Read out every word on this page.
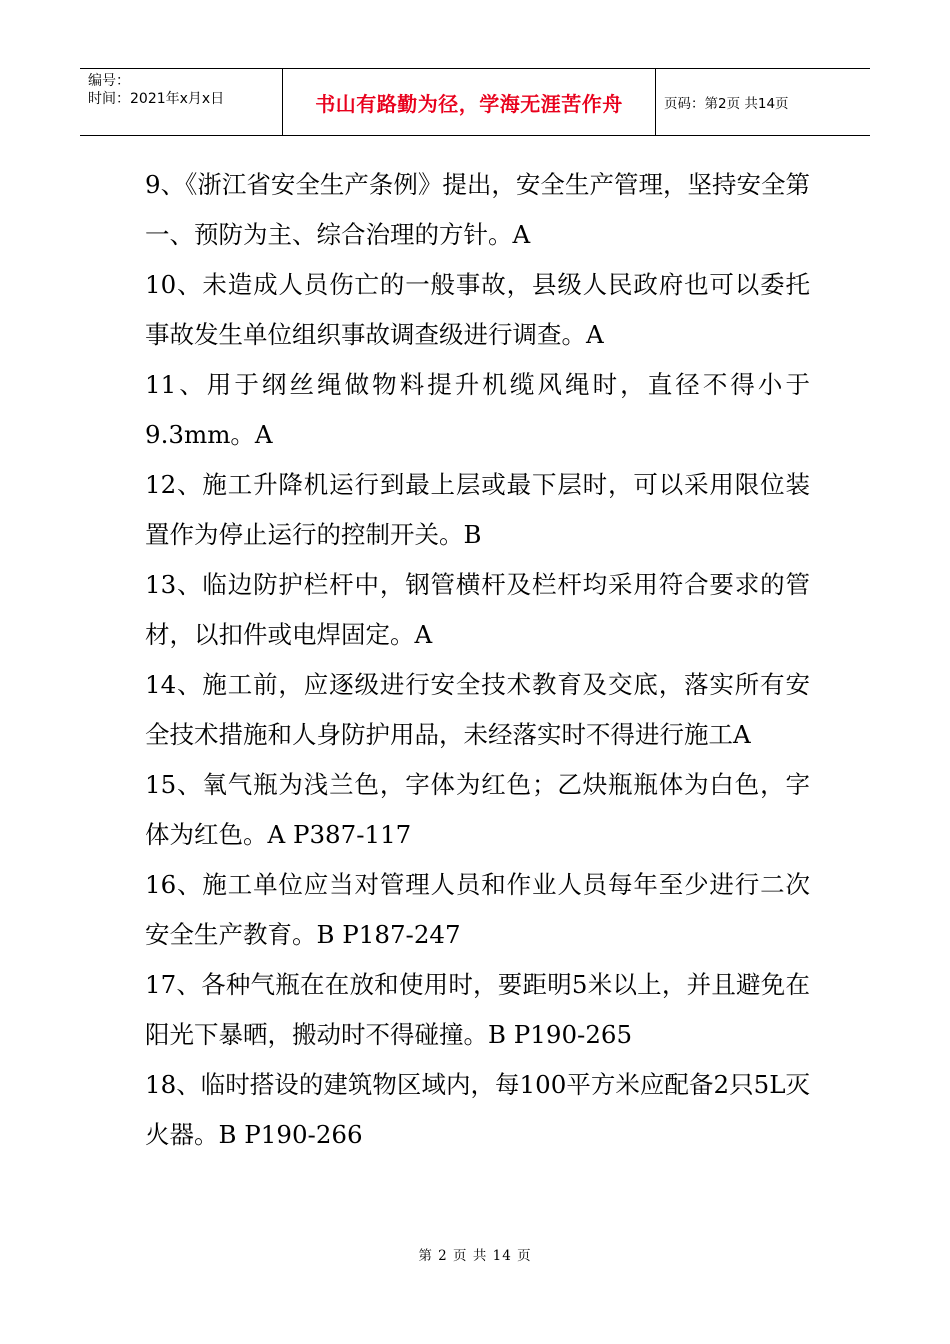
编号：
时间：2021年x月x日	书山有路勤为径，学海无涯苦作舟	页码：第2页 共14页

9、《浙江省安全生产条例》提出，安全生产管理，坚持安全第一、预防为主、综合治理的方针。A

10、未造成人员伤亡的一般事故，县级人民政府也可以委托事故发生单位组织事故调查级进行调查。A

11、用于纲丝绳做物料提升机缆风绳时，直径不得小于9.3mm。A

12、施工升降机运行到最上层或最下层时，可以采用限位装置作为停止运行的控制开关。B

13、临边防护栏杆中，钢管横杆及栏杆均采用符合要求的管材，以扣件或电焊固定。A

14、施工前，应逐级进行安全技术教育及交底，落实所有安全技术措施和人身防护用品，未经落实时不得进行施工A

15、氧气瓶为浅兰色，字体为红色；乙炔瓶瓶体为白色，字体为红色。A P387-117

16、施工单位应当对管理人员和作业人员每年至少进行二次安全生产教育。B P187-247

17、各种气瓶在在放和使用时，要距明5米以上，并且避免在阳光下暴晒，搬动时不得碰撞。B P190-265

18、临时搭设的建筑物区域内，每100平方米应配备2只5L灭火器。B P190-266

第 2 页 共 14 页
